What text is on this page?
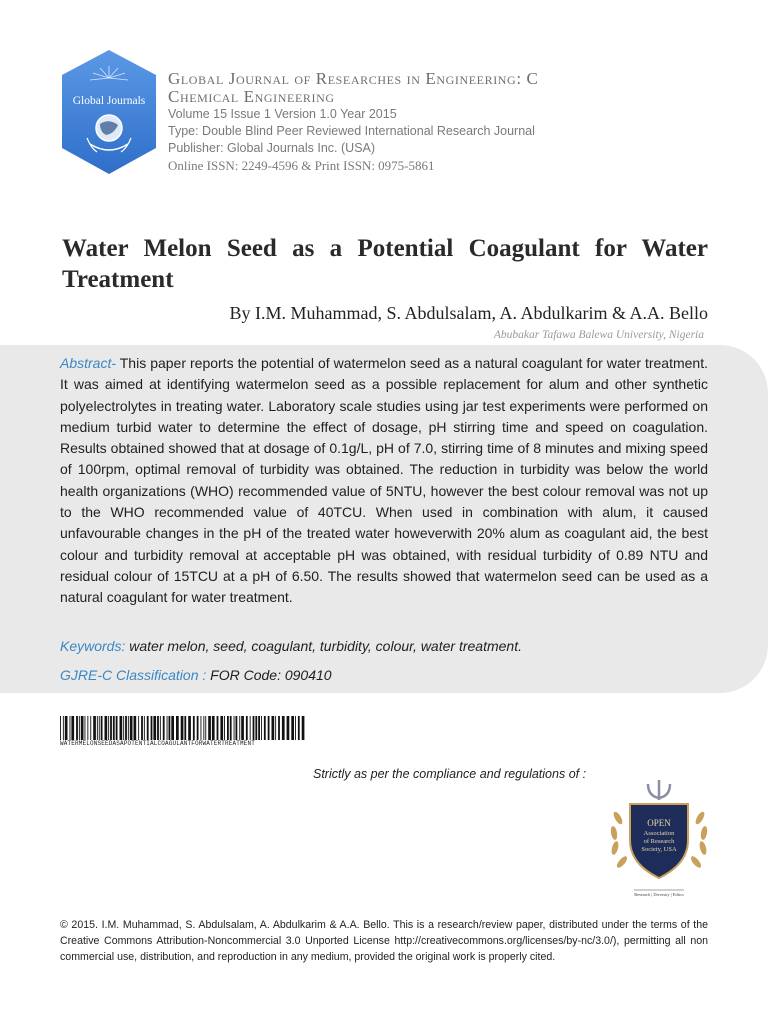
Global Journals
Global Journal of Researches in Engineering: C
Chemical Engineering
Volume 15 Issue 1 Version 1.0 Year 2015
Type: Double Blind Peer Reviewed International Research Journal
Publisher: Global Journals Inc. (USA)
Online ISSN: 2249-4596 & Print ISSN: 0975-5861
Water Melon Seed as a Potential Coagulant for Water Treatment
By I.M. Muhammad, S. Abdulsalam, A. Abdulkarim & A.A. Bello
Abubakar Tafawa Balewa University, Nigeria

Abstract- This paper reports the potential of watermelon seed as a natural coagulant for water treatment. It was aimed at identifying watermelon seed as a possible replacement for alum and other synthetic polyelectrolytes in treating water. Laboratory scale studies using jar test experiments were performed on medium turbid water to determine the effect of dosage, pH stirring time and speed on coagulation. Results obtained showed that at dosage of 0.1g/L, pH of 7.0, stirring time of 8 minutes and mixing speed of 100rpm, optimal removal of turbidity was obtained. The reduction in turbidity was below the world health organizations (WHO) recommended value of 5NTU, however the best colour removal was not up to the WHO recommended value of 40TCU. When used in combination with alum, it caused unfavourable changes in the pH of the treated water howeverwith 20% alum as coagulant aid, the best colour and turbidity removal at acceptable pH was obtained, with residual turbidity of 0.89 NTU and residual colour of 15TCU at a pH of 6.50. The results showed that watermelon seed can be used as a natural coagulant for water treatment.

Keywords: water melon, seed, coagulant, turbidity, colour, water treatment.
GJRE-C Classification : FOR Code: 090410
WATERMELONSEEDASAPOTENTIALCOAGULANTFORWATERTREATMENT
Strictly as per the compliance and regulations of :
OPEN
Association
of Research
Society, USA
Research | Diversity | Ethics

© 2015. I.M. Muhammad, S. Abdulsalam, A. Abdulkarim & A.A. Bello. This is a research/review paper, distributed under the terms of the Creative Commons Attribution-Noncommercial 3.0 Unported License http://creativecommons.org/licenses/by-nc/3.0/), permitting all non commercial use, distribution, and reproduction in any medium, provided the original work is properly cited.
